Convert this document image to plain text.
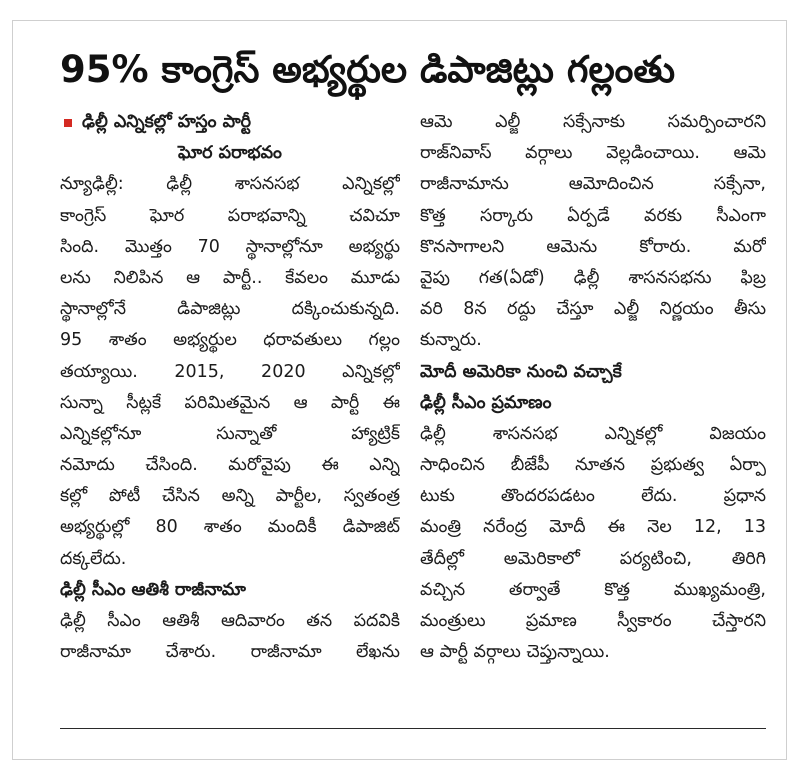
95% కాంగ్రెస్ అభ్యర్థుల డిపాజిట్లు గల్లంతు
ఢిల్లీ ఎన్నికల్లో హస్తం పార్టీ
ఘోర పరాభవం
న్యూఢిల్లీ: ఢిల్లీ శాసనసభ ఎన్నికల్లో
కాంగ్రెస్ ఘోర పరాభవాన్ని చవిచూ
సింది. మొత్తం 70 స్థానాల్లోనూ అభ్యర్థు
లను నిలిపిన ఆ పార్టీ.. కేవలం మూడు
స్థానాల్లోనే డిపాజిట్లు దక్కించుకున్నది.
95 శాతం అభ్యర్థుల ధరావతులు గల్లం
తయ్యాయి. 2015, 2020 ఎన్నికల్లో
సున్నా సీట్లకే పరిమితమైన ఆ పార్టీ ఈ
ఎన్నికల్లోనూ సున్నాతో హ్యాట్రిక్
నమోదు చేసింది. మరోవైపు ఈ ఎన్ని
కల్లో పోటీ చేసిన అన్ని పార్టీల, స్వతంత్ర
అభ్యర్థుల్లో 80 శాతం మందికీ డిపాజిట్
దక్కలేదు.
ఢిల్లీ సీఎం ఆతిశీ రాజీనామా
ఢిల్లీ సీఎం ఆతిశీ ఆదివారం తన పదవికి
రాజీనామా చేశారు. రాజీనామా లేఖను
ఆమె ఎల్జీ సక్సేనాకు సమర్పించారని
రాజ్‌నివాస్ వర్గాలు వెల్లడించాయి. ఆమె
రాజీనామాను ఆమోదించిన సక్సేనా,
కొత్త సర్కారు ఏర్పడే వరకు సీఎంగా
కొనసాగాలని ఆమెను కోరారు. మరో
వైపు గత(ఏడో) ఢిల్లీ శాసనసభను ఫిబ్ర
వరి 8న రద్దు చేస్తూ ఎల్జీ నిర్ణయం తీసు
కున్నారు.
మోదీ అమెరికా నుంచి వచ్చాకే
ఢిల్లీ సీఎం ప్రమాణం
ఢిల్లీ శాసనసభ ఎన్నికల్లో విజయం
సాధించిన బీజేపీ నూతన ప్రభుత్వ ఏర్పా
టుకు తొందరపడటం లేదు. ప్రధాన
మంత్రి నరేంద్ర మోదీ ఈ నెల 12, 13
తేదీల్లో అమెరికాలో పర్యటించి, తిరిగి
వచ్చిన తర్వాతే కొత్త ముఖ్యమంత్రి,
మంత్రులు ప్రమాణ స్వీకారం చేస్తారని
ఆ పార్టీ వర్గాలు చెప్తున్నాయి.
